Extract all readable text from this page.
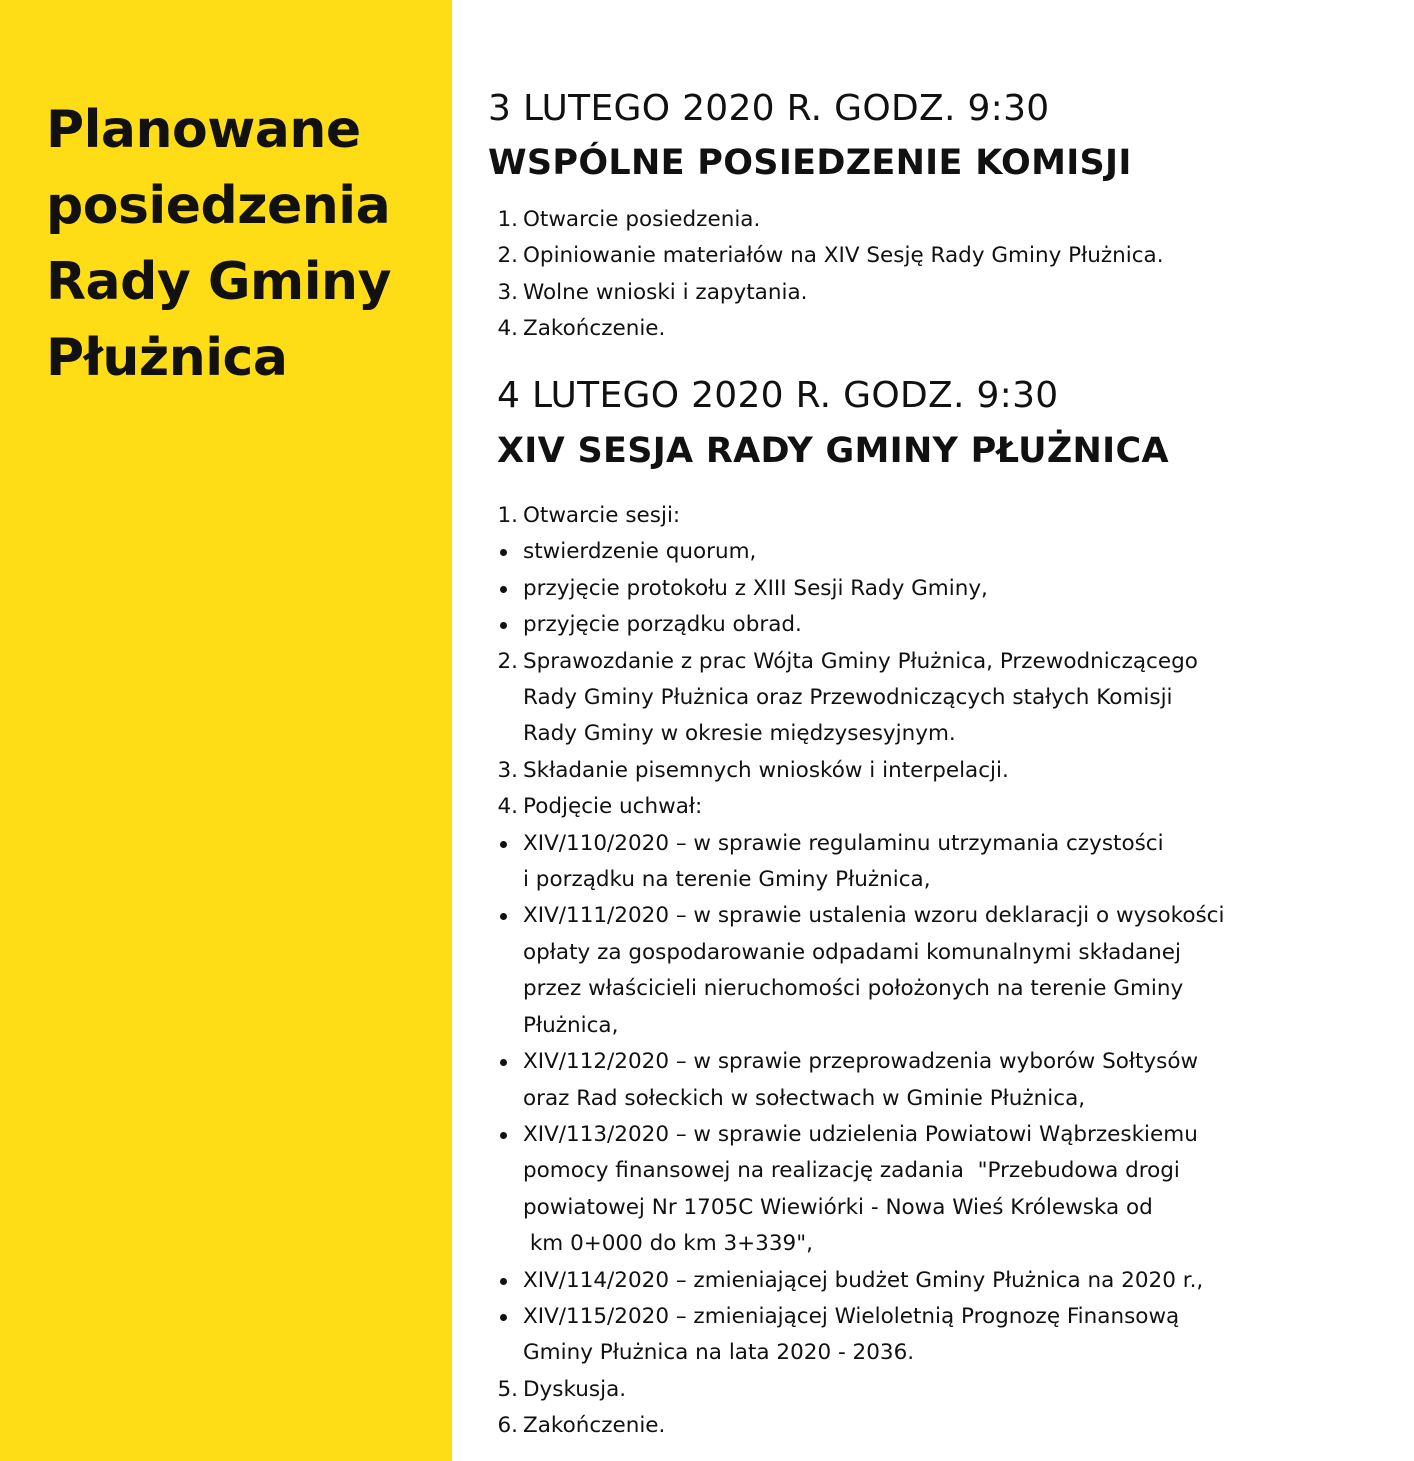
Planowane
posiedzenia
Rady Gminy
Płużnica
3 LUTEGO 2020 R. GODZ. 9:30
WSPÓLNE POSIEDZENIE KOMISJI
1. Otwarcie posiedzenia.
2. Opiniowanie materiałów na XIV Sesję Rady Gminy Płużnica.
3. Wolne wnioski i zapytania.
4. Zakończenie.
4 LUTEGO 2020 R. GODZ. 9:30
XIV SESJA RADY GMINY PŁUŻNICA
1. Otwarcie sesji:
stwierdzenie quorum,
przyjęcie protokołu z XIII Sesji Rady Gminy,
przyjęcie porządku obrad.
2. Sprawozdanie z prac Wójta Gminy Płużnica, Przewodniczącego
Rady Gminy Płużnica oraz Przewodniczących stałych Komisji
Rady Gminy w okresie międzysesyjnym.
3. Składanie pisemnych wniosków i interpelacji.
4. Podjęcie uchwał:
XIV/110/2020 – w sprawie regulaminu utrzymania czystości
i porządku na terenie Gminy Płużnica,
XIV/111/2020 – w sprawie ustalenia wzoru deklaracji o wysokości
opłaty za gospodarowanie odpadami komunalnymi składanej
przez właścicieli nieruchomości położonych na terenie Gminy
Płużnica,
XIV/112/2020 – w sprawie przeprowadzenia wyborów Sołtysów
oraz Rad sołeckich w sołectwach w Gminie Płużnica,
XIV/113/2020 – w sprawie udzielenia Powiatowi Wąbrzeskiemu
pomocy finansowej na realizację zadania  "Przebudowa drogi
powiatowej Nr 1705C Wiewiórki - Nowa Wieś Królewska od
km 0+000 do km 3+339",
XIV/114/2020 – zmieniającej budżet Gminy Płużnica na 2020 r.,
XIV/115/2020 – zmieniającej Wieloletnią Prognozę Finansową
Gminy Płużnica na lata 2020 - 2036.
5. Dyskusja.
6. Zakończenie.
